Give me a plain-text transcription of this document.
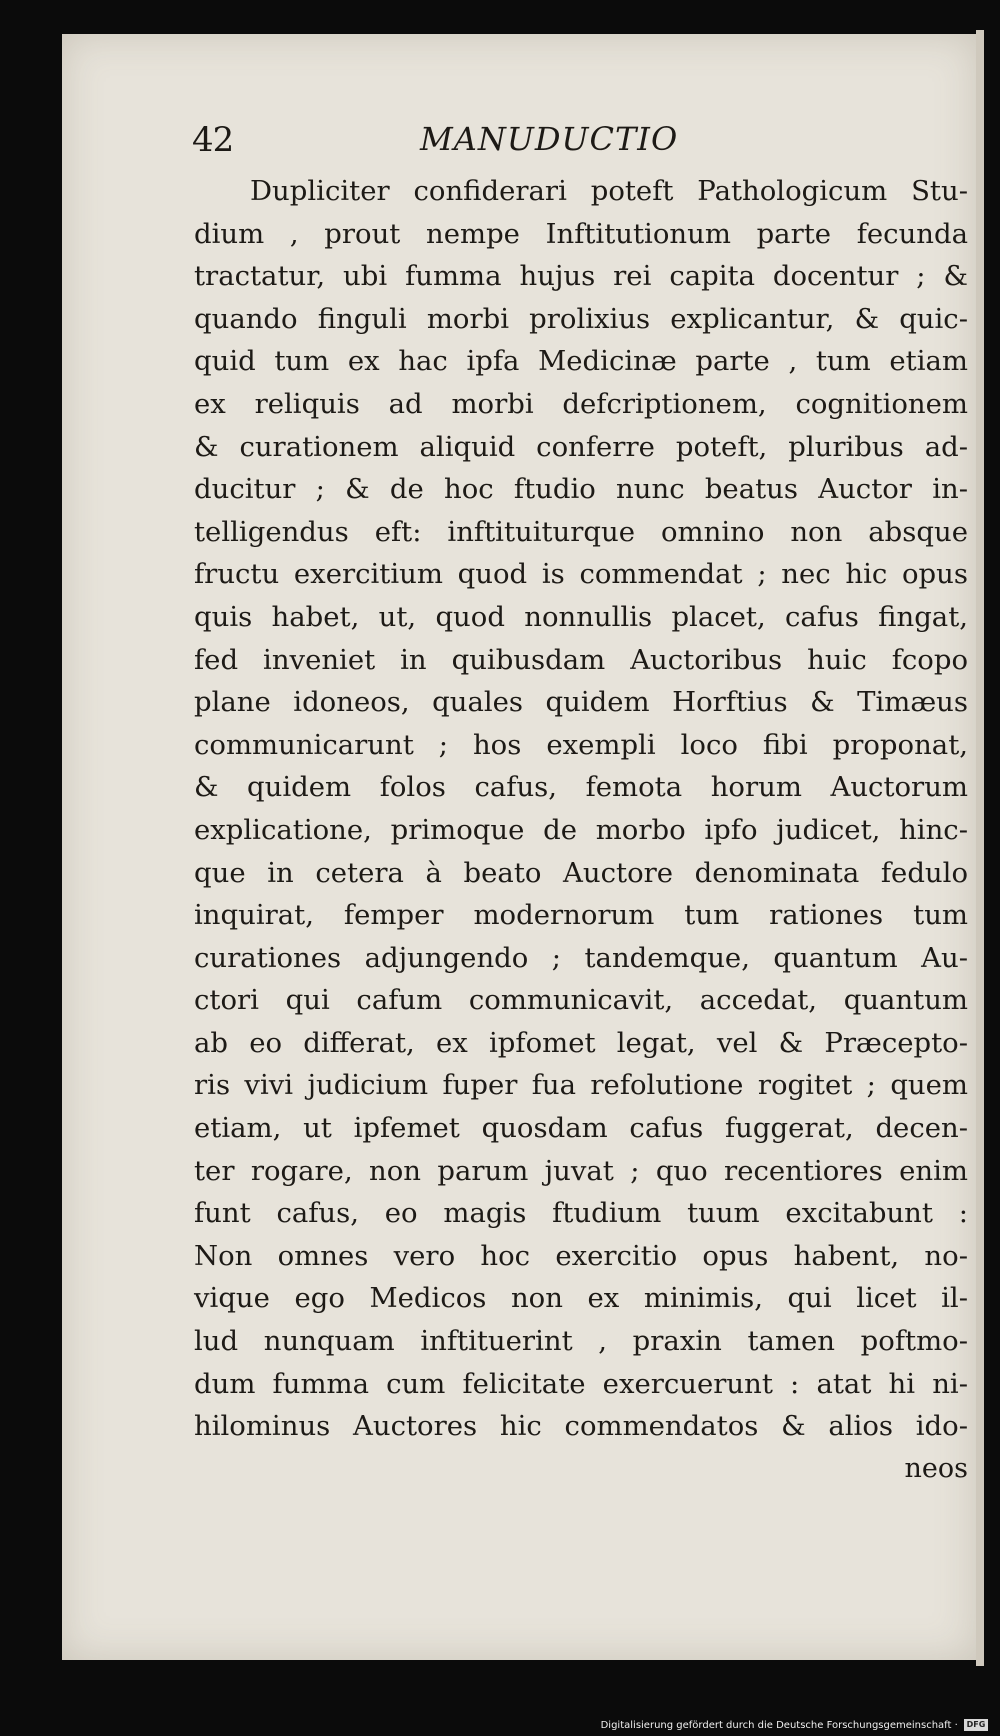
42	MANUDUCTIO
Dupliciter confiderari poteft Pathologicum Stu-
dium , prout nempe Inftitutionum parte fecunda
tractatur, ubi fumma hujus rei capita docentur ; &
quando finguli morbi prolixius explicantur, & quic-
quid tum ex hac ipfa Medicinæ parte , tum etiam
ex reliquis ad morbi defcriptionem, cognitionem
& curationem aliquid conferre poteft, pluribus ad-
ducitur ; & de hoc ftudio nunc beatus Auctor in-
telligendus eft: inftituiturque omnino non absque
fructu exercitium quod is commendat ; nec hic opus
quis habet, ut, quod nonnullis placet, cafus fingat,
fed inveniet in quibusdam Auctoribus huic fcopo
plane idoneos, quales quidem Horftius & Timæus
communicarunt ; hos exempli loco fibi proponat,
& quidem folos cafus, femota horum Auctorum
explicatione, primoque de morbo ipfo judicet, hinc-
que in cetera à beato Auctore denominata fedulo
inquirat, femper modernorum tum rationes tum
curationes adjungendo ; tandemque, quantum Au-
ctori qui cafum communicavit, accedat, quantum
ab eo differat, ex ipfomet legat, vel & Præcepto-
ris vivi judicium fuper fua refolutione rogitet ; quem
etiam, ut ipfemet quosdam cafus fuggerat, decen-
ter rogare, non parum juvat ; quo recentiores enim
funt cafus, eo magis ftudium tuum excitabunt :
Non omnes vero hoc exercitio opus habent, no-
vique ego Medicos non ex minimis, qui licet il-
lud nunquam inftituerint , praxin tamen poftmo-
dum fumma cum felicitate exercuerunt : atat hi ni-
hilominus Auctores hic commendatos & alios ido-
neos
Digitalisierung gefördert durch die Deutsche Forschungsgemeinschaft · DFG
